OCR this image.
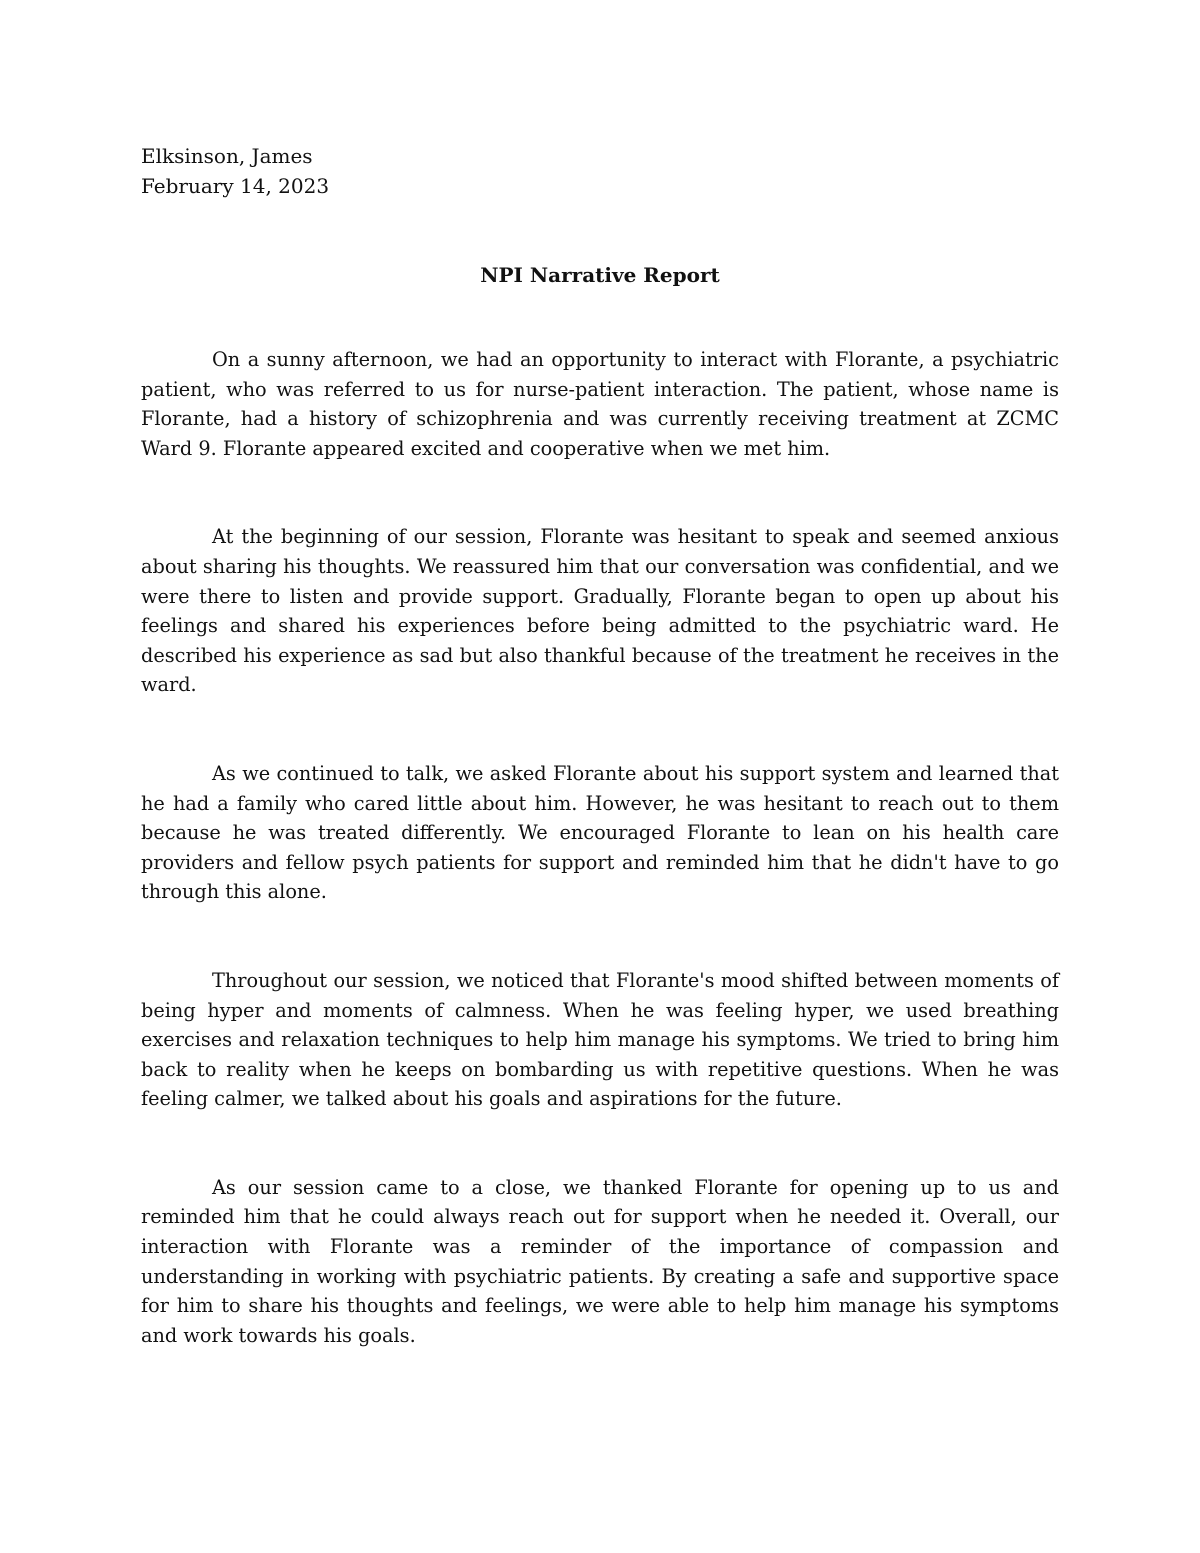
Elksinson, James
February 14, 2023
NPI Narrative Report

On a sunny afternoon, we had an opportunity to interact with Florante, a psychiatric patient, who was referred to us for nurse-patient interaction. The patient, whose name is Florante, had a history of schizophrenia and was currently receiving treatment at ZCMC Ward 9. Florante appeared excited and cooperative when we met him.

At the beginning of our session, Florante was hesitant to speak and seemed anxious about sharing his thoughts. We reassured him that our conversation was confidential, and we were there to listen and provide support. Gradually, Florante began to open up about his feelings and shared his experiences before being admitted to the psychiatric ward. He described his experience as sad but also thankful because of the treatment he receives in the ward.

As we continued to talk, we asked Florante about his support system and learned that he had a family who cared little about him. However, he was hesitant to reach out to them because he was treated differently. We encouraged Florante to lean on his health care providers and fellow psych patients for support and reminded him that he didn't have to go through this alone.

Throughout our session, we noticed that Florante's mood shifted between moments of being hyper and moments of calmness. When he was feeling hyper, we used breathing exercises and relaxation techniques to help him manage his symptoms. We tried to bring him back to reality when he keeps on bombarding us with repetitive questions. When he was feeling calmer, we talked about his goals and aspirations for the future.

As our session came to a close, we thanked Florante for opening up to us and reminded him that he could always reach out for support when he needed it. Overall, our interaction with Florante was a reminder of the importance of compassion and understanding in working with psychiatric patients. By creating a safe and supportive space for him to share his thoughts and feelings, we were able to help him manage his symptoms and work towards his goals.
